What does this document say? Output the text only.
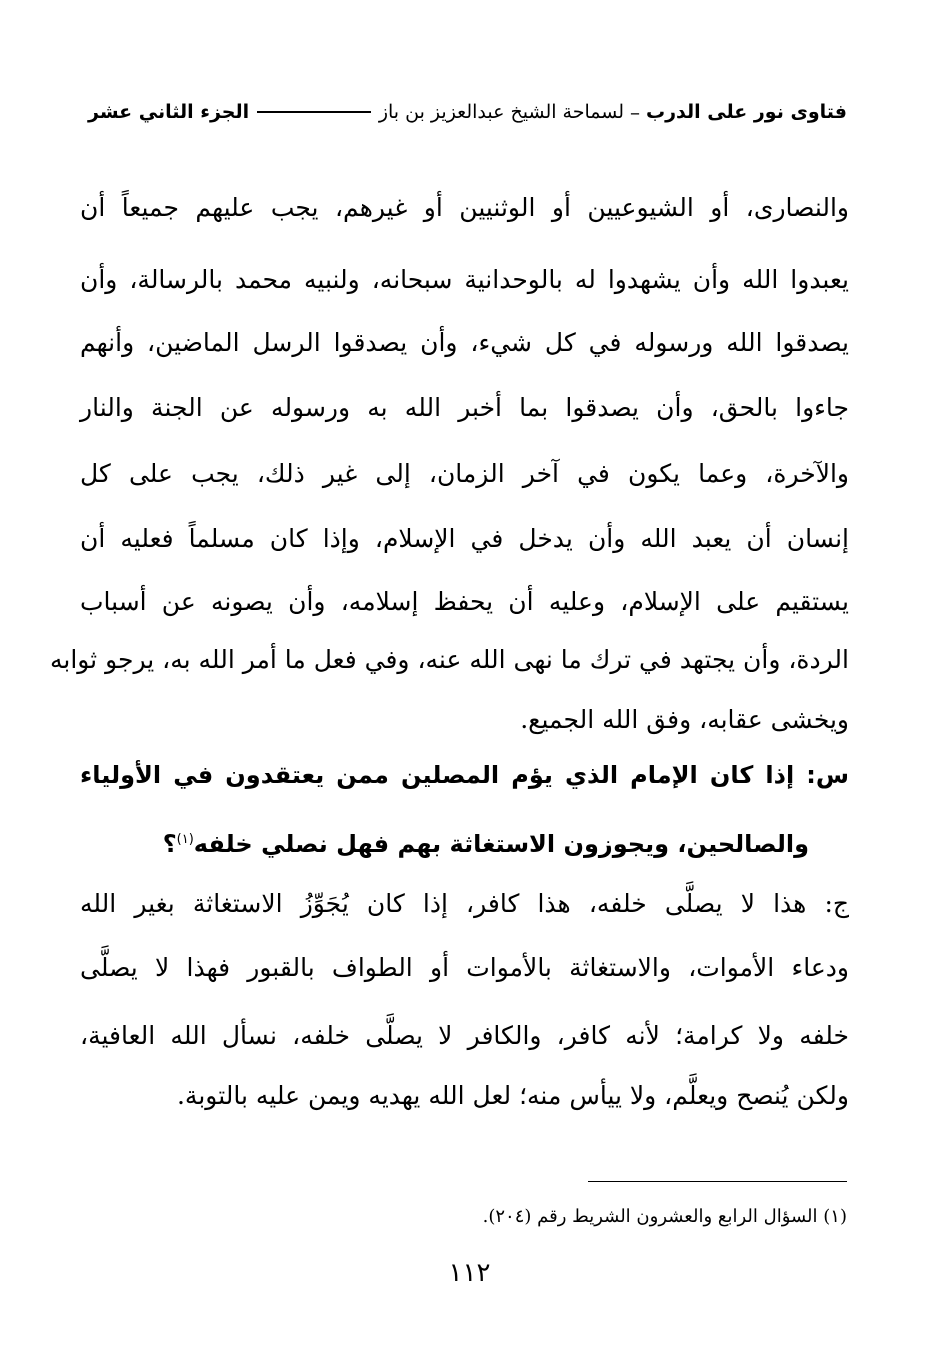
فتاوى نور على الدرب
–
لسماحة الشيخ عبدالعزيز بن باز
الجزء الثاني عشر
والنصارى، أو الشيوعيين أو الوثنيين أو غيرهم، يجب عليهم جميعاً أن
يعبدوا الله وأن يشهدوا له بالوحدانية سبحانه، ولنبيه محمد بالرسالة، وأن
يصدقوا الله ورسوله في كل شيء، وأن يصدقوا الرسل الماضين، وأنهم
جاءوا بالحق، وأن يصدقوا بما أخبر الله به ورسوله عن الجنة والنار
والآخرة، وعما يكون في آخر الزمان، إلى غير ذلك، يجب على كل
إنسان أن يعبد الله وأن يدخل في الإسلام، وإذا كان مسلماً فعليه أن
يستقيم على الإسلام، وعليه أن يحفظ إسلامه، وأن يصونه عن أسباب
الردة، وأن يجتهد في ترك ما نهى الله عنه، وفي فعل ما أمر الله به، يرجو ثوابه
ويخشى عقابه، وفق الله الجميع.
س: إذا كان الإمام الذي يؤم المصلين ممن يعتقدون في الأولياء
والصالحين، ويجوزون الاستغاثة بهم فهل نصلي خلفه$^{(١)}$؟
ج: هذا لا يصلَّى خلفه، هذا كافر، إذا كان يُجَوِّزُ الاستغاثة بغير الله
ودعاء الأموات، والاستغاثة بالأموات أو الطواف بالقبور فهذا لا يصلَّى
خلفه ولا كرامة؛ لأنه كافر، والكافر لا يصلَّى خلفه، نسأل الله العافية،
ولكن يُنصح ويعلَّم، ولا ييأس منه؛ لعل الله يهديه ويمن عليه بالتوبة.
(١) السؤال الرابع والعشرون الشريط رقم (٢٠٤).
١١٢
